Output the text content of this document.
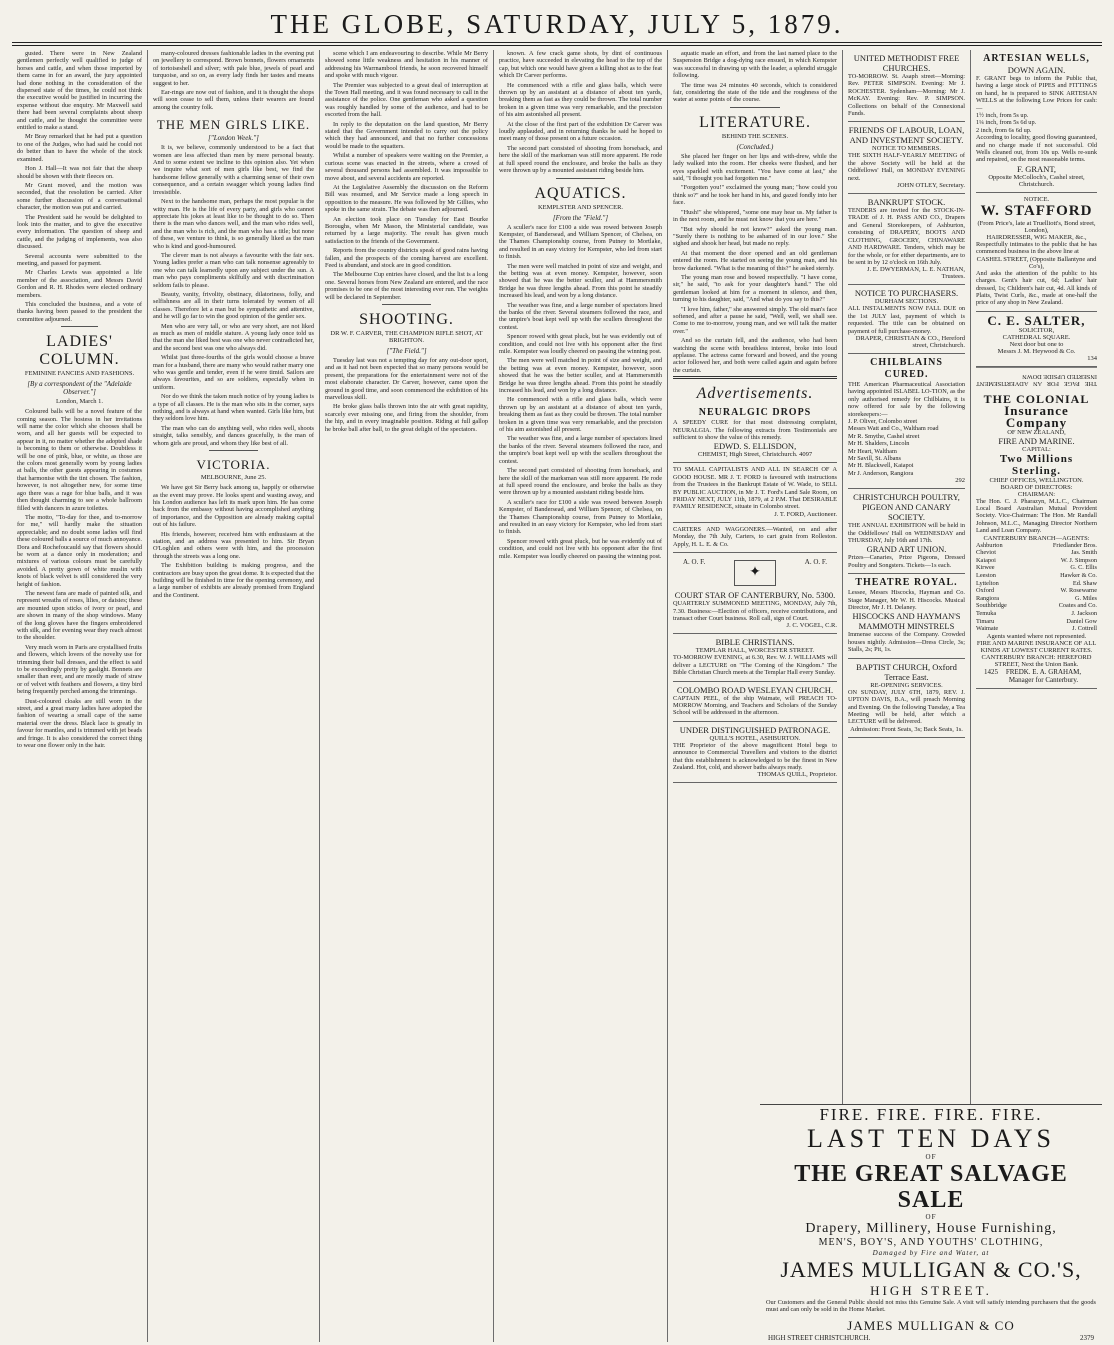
THE GLOBE, SATURDAY, JULY 5, 1879.

gusted. There were in New Zealand gentlemen perfectly well qualified to judge of horses and cattle, and when those imported by them came in for an award, the jury appointed had done nothing in the consideration of the dispersed state of the times, he could not think the executive would be justified in incurring the expense without due enquiry. Mr Maxwell said there had been several complaints about sheep and cattle, and he thought the committee were entitled to make a stand.

Mr Bray remarked that he had put a question to one of the Judges, who had said he could not do better than to have the whole of the stock examined.

Hon J. Hall—It was not fair that the sheep should be shown with their fleeces on.

Mr Grant moved, and the motion was seconded, that the resolution be carried. After some further discussion of a conversational character, the motion was put and carried.

The President said he would be delighted to look into the matter, and to give the executive every information. The question of sheep and cattle, and the judging of implements, was also discussed.

Several accounts were submitted to the meeting, and passed for payment.

Mr Charles Lewis was appointed a life member of the association, and Messrs David Gordon and R. H. Rhodes were elected ordinary members.

This concluded the business, and a vote of thanks having been passed to the president the committee adjourned.

LADIES' COLUMN.
FEMININE FANCIES AND FASHIONS.
[By a correspondent of the "Adelaide Observer."]
London, March 1.

Coloured balls will be a novel feature of the coming season. The hostess in her invitations will name the color which she chooses shall be worn, and all her guests will be expected to appear in it, no matter whether the adopted shade is becoming to them or otherwise. Doubtless it will be one of pink, blue, or white, as those are the colors most generally worn by young ladies at balls, the other guests appearing in costumes that harmonise with the tint chosen. The fashion, however, is not altogether new, for some time ago there was a rage for blue balls, and it was then thought charming to see a whole ballroom filled with dancers in azure toilettes.

The motto, "To-day for thee, and to-morrow for me," will hardly make the situation appreciable; and no doubt some ladies will find these coloured balls a source of much annoyance. Dora and Rochefoucauld say that flowers should be worn at a dance only in moderation; and mixtures of various colours must be carefully avoided. A pretty gown of white muslin with knots of black velvet is still considered the very height of fashion.

The newest fans are made of painted silk, and represent wreaths of roses, lilies, or daisies; these are mounted upon sticks of ivory or pearl, and are shown in many of the shop windows. Many of the long gloves have the fingers embroidered with silk, and for evening wear they reach almost to the shoulder.

Very much worn in Paris are crystallised fruits and flowers, which lovers of the novelty use for trimming their ball dresses, and the effect is said to be exceedingly pretty by gaslight. Bonnets are smaller than ever, and are mostly made of straw or of velvet with feathers and flowers, a tiny bird being frequently perched among the trimmings.

Dust-coloured cloaks are still worn in the street, and a great many ladies have adopted the fashion of wearing a small cape of the same material over the dress. Black lace is greatly in favour for mantles, and is trimmed with jet beads and fringe. It is also considered the correct thing to wear one flower only in the hair.

many-coloured dresses fashionable ladies in the evening put on jewellery to correspond. Brown bonnets, flowers ornaments of tortoiseshell and silver; with pale blue, jewels of pearl and turquoise, and so on, as every lady finds her tastes and means suggest to her.

Ear-rings are now out of fashion, and it is thought the shops will soon cease to sell them, unless their wearers are found among the country folk.

THE MEN GIRLS LIKE.
["London Week."]

It is, we believe, commonly understood to be a fact that women are less affected than men by mere personal beauty. And to some extent we incline to this opinion also. Yet when we inquire what sort of men girls like best, we find the handsome fellow generally with a charming sense of their own consequence, and a certain swagger which young ladies find irresistible.

Next to the handsome man, perhaps the most popular is the witty man. He is the life of every party, and girls who cannot appreciate his jokes at least like to be thought to do so. Then there is the man who dances well, and the man who rides well, and the man who is rich, and the man who has a title; but none of these, we venture to think, is so generally liked as the man who is kind and good-humoured.

The clever man is not always a favourite with the fair sex. Young ladies prefer a man who can talk nonsense agreeably to one who can talk learnedly upon any subject under the sun. A man who pays compliments skilfully and with discrimination seldom fails to please.

Beauty, vanity, frivolity, obstinacy, dilatoriness, folly, and selfishness are all in their turns tolerated by women of all classes. Therefore let a man but be sympathetic and attentive, and he will go far to win the good opinion of the gentler sex.

Men who are very tall, or who are very short, are not liked as much as men of middle stature. A young lady once told us that the man she liked best was one who never contradicted her, and the second best was one who always did.

Whilst just three-fourths of the girls would choose a brave man for a husband, there are many who would rather marry one who was gentle and tender, even if he were timid. Sailors are always favourites, and so are soldiers, especially when in uniform.

Nor do we think the taken much notice of by young ladies is a type of all classes. He is the man who sits in the corner, says nothing, and is always at hand when wanted. Girls like him, but they seldom love him.

The man who can do anything well, who rides well, shoots straight, talks sensibly, and dances gracefully, is the man of whom girls are proud, and whom they like best of all.

VICTORIA.
MELBOURNE, June 25.

We have got Sir Berry back among us, happily or otherwise as the event may prove. He looks spent and wasting away, and his London audience has left its mark upon him. He has come back from the embassy without having accomplished anything of importance, and the Opposition are already making capital out of his failure.

His friends, however, received him with enthusiasm at the station, and an address was presented to him. Sir Bryan O'Loghlen and others were with him, and the procession through the streets was a long one.

The Exhibition building is making progress, and the contractors are busy upon the great dome. It is expected that the building will be finished in time for the opening ceremony, and a large number of exhibits are already promised from England and the Continent.

scene which I am endeavouring to describe. While Mr Berry showed some little weakness and hesitation in his manner of addressing his Warrnambool friends, he soon recovered himself and spoke with much vigour.

The Premier was subjected to a great deal of interruption at the Town Hall meeting, and it was found necessary to call in the assistance of the police. One gentleman who asked a question was roughly handled by some of the audience, and had to be escorted from the hall.

In reply to the deputation on the land question, Mr Berry stated that the Government intended to carry out the policy which they had announced, and that no further concessions would be made to the squatters.

Whilst a number of speakers were waiting on the Premier, a curious scene was enacted in the streets, where a crowd of several thousand persons had assembled. It was impossible to move about, and several accidents are reported.

At the Legislative Assembly the discussion on the Reform Bill was resumed, and Mr Service made a long speech in opposition to the measure. He was followed by Mr Gillies, who spoke in the same strain. The debate was then adjourned.

An election took place on Tuesday for East Bourke Boroughs, when Mr Mason, the Ministerial candidate, was returned by a large majority. The result has given much satisfaction to the friends of the Government.

Reports from the country districts speak of good rains having fallen, and the prospects of the coming harvest are excellent. Feed is abundant, and stock are in good condition.

The Melbourne Cup entries have closed, and the list is a long one. Several horses from New Zealand are entered, and the race promises to be one of the most interesting ever run. The weights will be declared in September.

SHOOTING.
DR W. F. CARVER, THE CHAMPION RIFLE SHOT, AT BRIGHTON.
["The Field."]

Tuesday last was not a tempting day for any out-door sport, and as it had not been expected that so many persons would be present, the preparations for the entertainment were not of the most elaborate character. Dr Carver, however, came upon the ground in good time, and soon commenced the exhibition of his marvellous skill.

He broke glass balls thrown into the air with great rapidity, scarcely ever missing one, and firing from the shoulder, from the hip, and in every imaginable position. Riding at full gallop he broke ball after ball, to the great delight of the spectators.

known. A few crack game shots, by dint of continuous practice, have succeeded in elevating the head to the top of the cap, but which one would have given a killing shot as to the feat which Dr Carver performs.

He commenced with a rifle and glass balls, which were thrown up by an assistant at a distance of about ten yards, breaking them as fast as they could be thrown. The total number broken in a given time was very remarkable, and the precision of his aim astonished all present.

At the close of the first part of the exhibition Dr Carver was loudly applauded, and in returning thanks he said he hoped to meet many of those present on a future occasion.

The second part consisted of shooting from horseback, and here the skill of the marksman was still more apparent. He rode at full speed round the enclosure, and broke the balls as they were thrown up by a mounted assistant riding beside him.

AQUATICS.
KEMPLSTER AND SPENCER.
[From the "Field."]

A sculler's race for £100 a side was rowed between Joseph Kempster, of Bandersead, and William Spencer, of Chelsea, on the Thames Championship course, from Putney to Mortlake, and resulted in an easy victory for Kempster, who led from start to finish.

The men were well matched in point of size and weight, and the betting was at even money. Kempster, however, soon showed that he was the better sculler, and at Hammersmith Bridge he was three lengths ahead. From this point he steadily increased his lead, and won by a long distance.

The weather was fine, and a large number of spectators lined the banks of the river. Several steamers followed the race, and the umpire's boat kept well up with the scullers throughout the contest.

Spencer rowed with great pluck, but he was evidently out of condition, and could not live with his opponent after the first mile. Kempster was loudly cheered on passing the winning post.

The men were well matched in point of size and weight, and the betting was at even money. Kempster, however, soon showed that he was the better sculler, and at Hammersmith Bridge he was three lengths ahead. From this point he steadily increased his lead, and won by a long distance.

He commenced with a rifle and glass balls, which were thrown up by an assistant at a distance of about ten yards, breaking them as fast as they could be thrown. The total number broken in a given time was very remarkable, and the precision of his aim astonished all present.

The weather was fine, and a large number of spectators lined the banks of the river. Several steamers followed the race, and the umpire's boat kept well up with the scullers throughout the contest.

The second part consisted of shooting from horseback, and here the skill of the marksman was still more apparent. He rode at full speed round the enclosure, and broke the balls as they were thrown up by a mounted assistant riding beside him.

A sculler's race for £100 a side was rowed between Joseph Kempster, of Bandersead, and William Spencer, of Chelsea, on the Thames Championship course, from Putney to Mortlake, and resulted in an easy victory for Kempster, who led from start to finish.

Spencer rowed with great pluck, but he was evidently out of condition, and could not live with his opponent after the first mile. Kempster was loudly cheered on passing the winning post.

aquatic made an effort, and from the last named place to the Suspension Bridge a dog-dying race ensued, in which Kempster was successful in drawing up with the leader, a splendid struggle following.

The time was 24 minutes 40 seconds, which is considered fair, considering the state of the tide and the roughness of the water at some points of the course.

LITERATURE.
BEHIND THE SCENES.
(Concluded.)

She placed her finger on her lips and with-drew, while the lady walked into the room. Her cheeks were flushed, and her eyes sparkled with excitement. "You have come at last," she said, "I thought you had forgotten me."

"Forgotten you!" exclaimed the young man; "how could you think so?" and he took her hand in his, and gazed fondly into her face.

"Hush!" she whispered, "some one may hear us. My father is in the next room, and he must not know that you are here."

"But why should he not know?" asked the young man. "Surely there is nothing to be ashamed of in our love." She sighed and shook her head, but made no reply.

At that moment the door opened and an old gentleman entered the room. He started on seeing the young man, and his brow darkened. "What is the meaning of this?" he asked sternly.

The young man rose and bowed respectfully. "I have come, sir," he said, "to ask for your daughter's hand." The old gentleman looked at him for a moment in silence, and then, turning to his daughter, said, "And what do you say to this?"

"I love him, father," she answered simply. The old man's face softened, and after a pause he said, "Well, well, we shall see. Come to me to-morrow, young man, and we will talk the matter over."

And so the curtain fell, and the audience, who had been watching the scene with breathless interest, broke into loud applause. The actress came forward and bowed, and the young actor followed her, and both were called again and again before the curtain.

Advertisements.
NEURALGIC DROPS
A SPEEDY CURE for that most distressing complaint, NEURALGIA. The following extracts from Testimonials are sufficient to show the value of this remedy.
EDWD. S. ELLISDON,
CHEMIST, High Street, Christchurch. 4097
TO SMALL CAPITALISTS AND ALL IN SEARCH OF A GOOD HOUSE. MR J. T. FORD is favoured with instructions from the Trustees in the Bankrupt Estate of W. Wade, to SELL BY PUBLIC AUCTION, in Mr J. T. Ford's Land Sale Room, on FRIDAY NEXT, JULY 11th, 1879, at 2 P.M. That DESIRABLE FAMILY RESIDENCE, situate in Colombo street.
J. T. FORD, Auctioneer.
CARTERS AND WAGGONERS.—Wanted, on and after Monday, the 7th July, Carters, to cart grain from Rolleston. Apply, H. L. E. & Co.
A. O. F.
✦
A. O. F.
COURT STAR OF CANTERBURY, No. 5300.
QUARTERLY SUMMONED MEETING, MONDAY, July 7th, 7.30. Business:—Election of officers, receive contributions, and transact other Court business. Roll call, sign of Court.
J. C. VOGEL, C.R.
BIBLE CHRISTIANS.
TEMPLAR HALL, WORCESTER STREET.
TO-MORROW EVENING, at 6.30, Rev. W. J. WILLIAMS will deliver a LECTURE on "The Coming of the Kingdom." The Bible Christian Church meets at the Templar Hall every Sunday.
COLOMBO ROAD WESLEYAN CHURCH.
CAPTAIN PEEL, of the ship Waimate, will PREACH TO-MORROW Morning, and Teachers and Scholars of the Sunday School will be addressed in the afternoon.
UNDER DISTINGUISHED PATRONAGE.
QUILL'S HOTEL, ASHBURTON.
THE Proprietor of the above magnificent Hotel begs to announce to Commercial Travellers and visitors to the district that this establishment is acknowledged to be the finest in New Zealand. Hot, cold, and shower baths always ready.
THOMAS QUILL, Proprietor.
UNITED METHODIST FREE CHURCHES.
TO-MORROW. St. Asaph street—Morning: Rev. PETER SIMPSON. Evening: Mr J. ROCHESTER. Sydenham—Morning: Mr J. McKAY. Evening: Rev. P. SIMPSON. Collections on behalf of the Connexional Funds.
FRIENDS OF LABOUR, LOAN, AND INVESTMENT SOCIETY.
NOTICE TO MEMBERS.
THE SIXTH HALF-YEARLY MEETING of the above Society will be held at the Oddfellows' Hall, on MONDAY EVENING next.
JOHN OTLEY, Secretary.
BANKRUPT STOCK.
TENDERS are invited for the STOCK-IN-TRADE of J. H. PASS AND CO., Drapers and General Storekeepers, of Ashburton, consisting of DRAPERY, BOOTS AND CLOTHING, GROCERY, CHINAWARE AND HARDWARE. Tenders, which may be for the whole, or for either departments, are to be sent in by 12 o'clock on 16th July.
J. E. DWYERMAN, L. E. NATHAN, Trustees.
NOTICE TO PURCHASERS.
DURHAM SECTIONS.
ALL INSTALMENTS NOW FALL DUE on the 1st JULY last, payment of which is requested. The title can be obtained on payment of full purchase-money.
DRAPER, CHRISTIAN & CO., Hereford street, Christchurch.
CHILBLAINS CURED.
THE American Pharmaceutical Association having appointed ISLABEL LO-TION, as the only authorised remedy for Chilblains, it is now offered for sale by the following storekeepers:—
J. P. Oliver, Colombo street
Messrs Watt and Co., Waltham road
Mr R. Smythe, Cashel street
Mr H. Shalders, Lincoln
Mr Heart, Waltham
Mr Savill, St. Albans
Mr H. Blackwell, Kaiapoi
Mr J. Anderson, Rangiora
292
CHRISTCHURCH POULTRY, PIGEON AND CANARY SOCIETY.
THE ANNUAL EXHIBITION will be held in the Oddfellows' Hall on WEDNESDAY and THURSDAY, July 16th and 17th.
GRAND ART UNION.
Prizes—Canaries, Prize Pigeons, Dressed Poultry and Songsters. Tickets—1s each.
THEATRE ROYAL.
Lessee, Messrs Hiscocks, Hayman and Co. Stage Manager, Mr W. H. Hiscocks. Musical Director, Mr J. H. Delaney.
HISCOCKS AND HAYMAN'S MAMMOTH MINSTRELS
Immense success of the Company. Crowded houses nightly. Admission—Dress Circle, 3s; Stalls, 2s; Pit, 1s.
BAPTIST CHURCH, Oxford Terrace East.
RE-OPENING SERVICES.
ON SUNDAY, JULY 6TH, 1879, REV. J. UPTON DAVIS, B.A., will preach Morning and Evening. On the following Tuesday, a Tea Meeting will be held, after which a LECTURE will be delivered.
Admission: Front Seats, 3s; Back Seats, 1s.
ARTESIAN WELLS,
DOWN AGAIN.
F. GRANT begs to inform the Public that, having a large stock of PIPES and FITTINGS on hand, he is prepared to SINK ARTESIAN WELLS at the following Low Prices for cash:—
1½ inch, from 5s up.
1¼ inch, from 5s 6d up.
2 inch, from 6s 6d up.
According to locality, good flowing guaranteed, and no charge made if not successful. Old Wells cleaned out, from 10s up. Wells re-sunk and repaired, on the most reasonable terms.
F. GRANT,
Opposite McColloch's, Cashel street, Christchurch.
NOTICE.
W. STAFFORD
(From Price's, late at Truelliott's, Bond street, London),
HAIRDRESSER, WIG MAKER, &c.,
Respectfully intimates to the public that he has commenced business in the above line at
CASHEL STREET, (Opposite Ballantyne and Co's),
And asks the attention of the public to his charges. Gent's hair cut, 6d; Ladies' hair dressed, 1s; Children's hair cut, 4d. All kinds of Plaits, Twist Curls, &c., made at one-half the price of any shop in New Zealand.
C. E. SALTER,
SOLICITOR,
CATHEDRAL SQUARE.
Next door but one to
Messrs J. M. Heywood & Co.
134
THE PAGE FOR AN ADVERTISEMENT INSERTED UPSIDE DOWN
THE COLONIAL
Insurance Company
OF NEW ZEALAND,
FIRE AND MARINE.
CAPITAL:
Two Millions Sterling.
CHIEF OFFICES, WELLINGTON.
BOARD OF DIRECTORS:
CHAIRMAN:
The Hon. C. J. Pharazyn, M.L.C., Chairman Local Board Australian Mutual Provident Society. Vice-Chairman: The Hon. Mr Randall Johnson, M.L.C., Managing Director Northern Land and Loan Company.
CANTERBURY BRANCH—AGENTS:
Ashburton	Friedlander Bros.
Cheviot	Jas. Smith
Kaiapoi	W. J. Simpson
Kirwee	G. C. Ellis
Leeston	Hawker & Co.
Lyttelton	Ed. Shaw
Oxford	W. Rosewarne
Rangiora	G. Miles
Southbridge	Coates and Co.
Temuka	J. Jackson
Timaru	Daniel Gow
Waimate	J. Cottrell
Agents wanted where not represented.
FIRE AND MARINE INSURANCE OF ALL KINDS AT LOWEST CURRENT RATES.
CANTERBURY BRANCH: HEREFORD STREET, Next the Union Bank.
1425	FREDK. E. A. GRAHAM, Manager for Canterbury.
FIRE. FIRE. FIRE. FIRE.
LAST TEN DAYS
OF
THE GREAT SALVAGE SALE
OF
Drapery, Millinery, House Furnishing,
MEN'S, BOY'S, AND YOUTHS' CLOTHING,
Damaged by Fire and Water, at
JAMES MULLIGAN & CO.'S,
HIGH STREET.
Our Customers and the General Public should not miss this Genuine Sale. A visit will satisfy intending purchasers that the goods must and can only be sold in the Home Market.
JAMES MULLIGAN & CO
HIGH STREET CHRISTCHURCH.	2379
